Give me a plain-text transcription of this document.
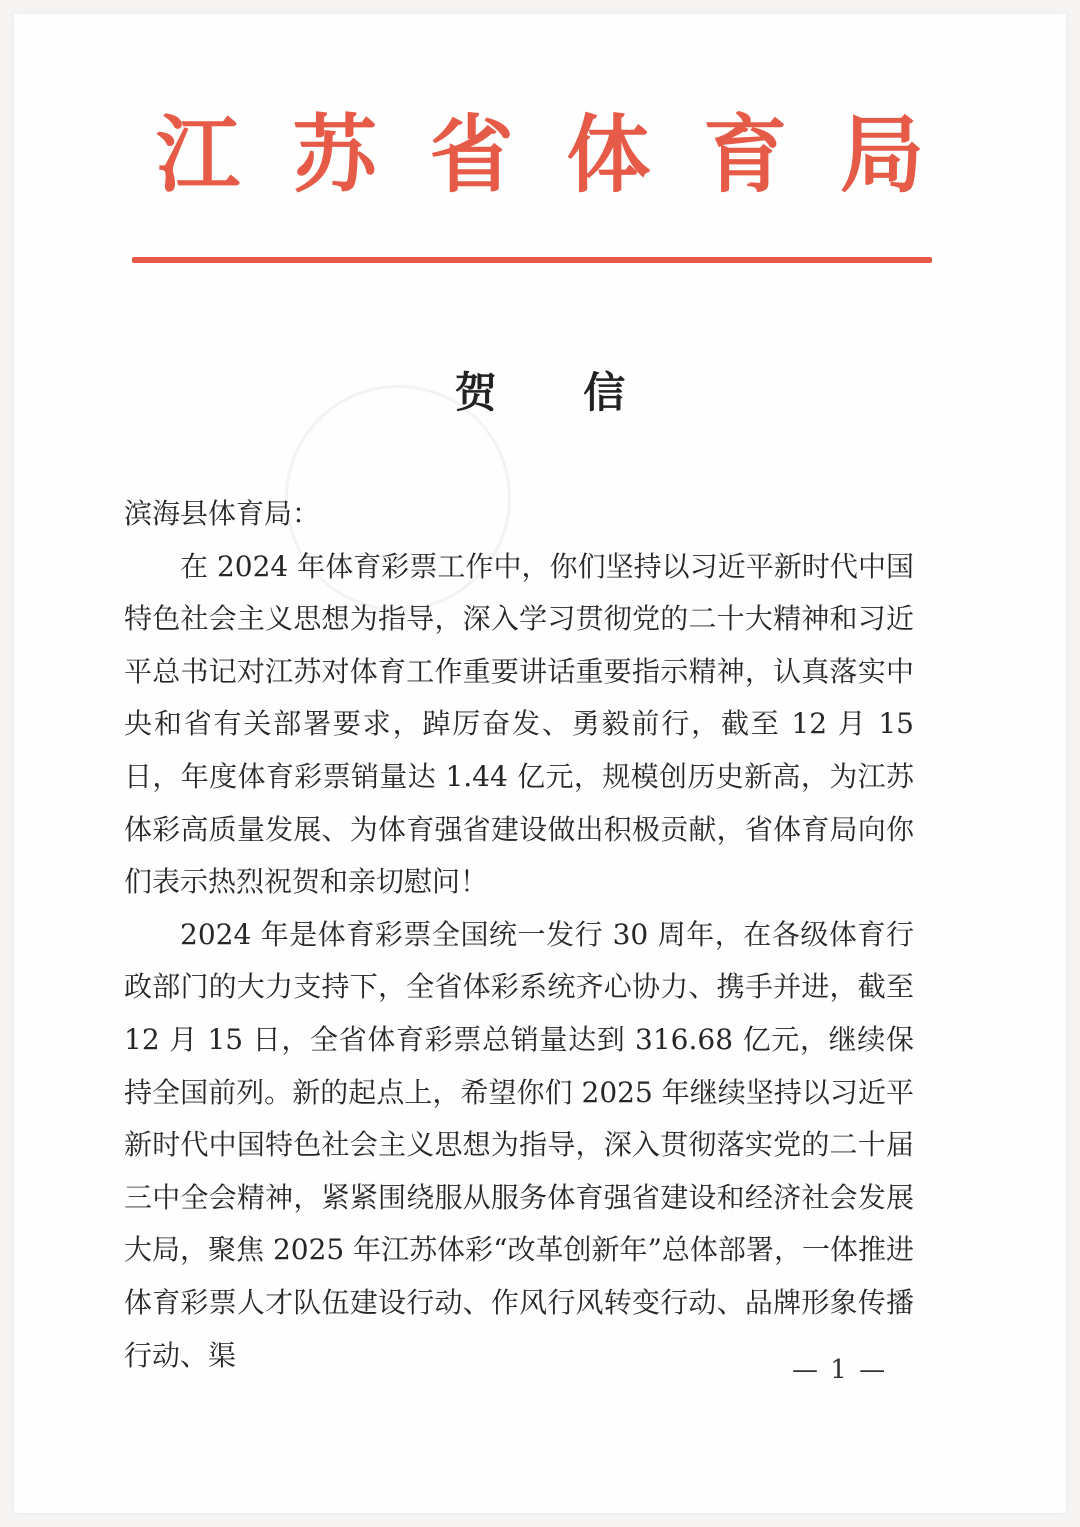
江 苏 省 体 育 局
贺 信

滨海县体育局：

在 2024 年体育彩票工作中，你们坚持以习近平新时代中国特色社会主义思想为指导，深入学习贯彻党的二十大精神和习近平总书记对江苏对体育工作重要讲话重要指示精神，认真落实中央和省有关部署要求，踔厉奋发、勇毅前行，截至 12 月 15 日，年度体育彩票销量达 1.44 亿元，规模创历史新高，为江苏体彩高质量发展、为体育强省建设做出积极贡献，省体育局向你们表示热烈祝贺和亲切慰问！

2024 年是体育彩票全国统一发行 30 周年，在各级体育行政部门的大力支持下，全省体彩系统齐心协力、携手并进，截至 12 月 15 日，全省体育彩票总销量达到 316.68 亿元，继续保持全国前列。新的起点上，希望你们 2025 年继续坚持以习近平新时代中国特色社会主义思想为指导，深入贯彻落实党的二十届三中全会精神，紧紧围绕服从服务体育强省建设和经济社会发展大局，聚焦 2025 年江苏体彩“改革创新年”总体部署，一体推进体育彩票人才队伍建设行动、作风行风转变行动、品牌形象传播行动、渠	— 1 —
